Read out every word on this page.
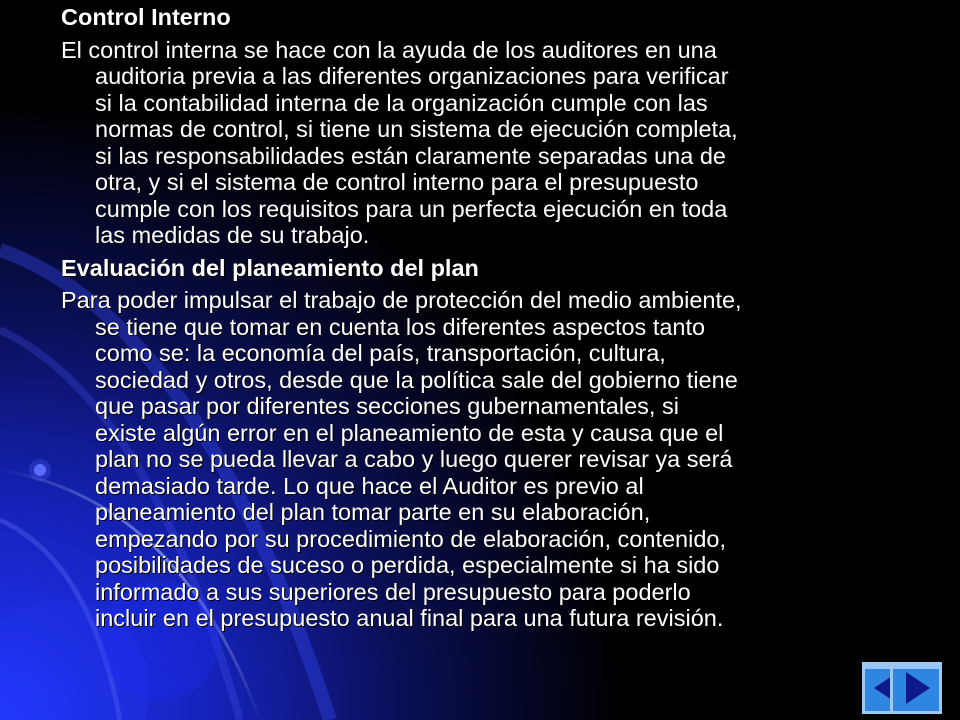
Control Interno
El control interna se hace con la ayuda de los auditores en una
auditoria previa a las diferentes organizaciones para verificar
si la contabilidad interna de la organización cumple con las
normas de control, si tiene un sistema de ejecución completa,
si las responsabilidades están claramente separadas una de
otra, y si el sistema de control interno para el presupuesto
cumple con los requisitos para un perfecta ejecución en toda
las medidas de su trabajo.
Evaluación del planeamiento del plan
Para poder impulsar el trabajo de protección del medio ambiente,
se tiene que tomar en cuenta los diferentes aspectos tanto
como se: la economía del país, transportación, cultura,
sociedad y otros, desde que la política sale del gobierno tiene
que pasar por diferentes secciones gubernamentales, si
existe algún error en el planeamiento de esta y causa que el
plan no se pueda llevar a cabo y luego querer revisar ya será
demasiado tarde. Lo que hace el Auditor es previo al
planeamiento del plan tomar parte en su elaboración,
empezando por su procedimiento de elaboración, contenido,
posibilidades de suceso o perdida, especialmente si ha sido
informado a sus superiores del presupuesto para poderlo
incluir en el presupuesto anual final para una futura revisión.
